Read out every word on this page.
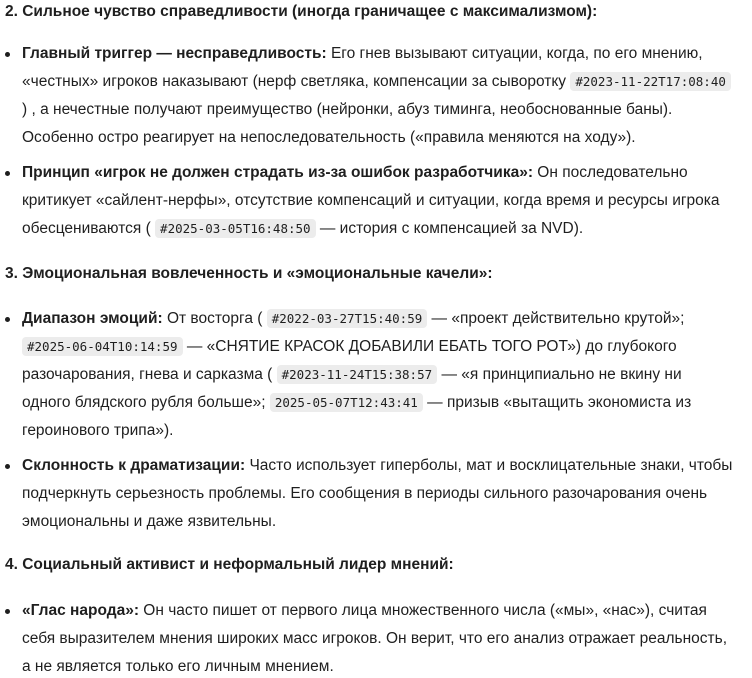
2. Сильное чувство справедливости (иногда граничащее с максимализмом):
Главный триггер — несправедливость: Его гнев вызывают ситуации, когда, по его мнению,
«честных» игроков наказывают (нерф светляка, компенсации за сыворотку #2023-11-22T17:08:40
) , а нечестные получают преимущество (нейронки, абуз тиминга, необоснованные баны).
Особенно остро реагирует на непоследовательность («правила меняются на ходу»).
Принцип «игрок не должен страдать из-за ошибок разработчика»: Он последовательно
критикует «сайлент-нерфы», отсутствие компенсаций и ситуации, когда время и ресурсы игрока
обесцениваются ( #2025-03-05T16:48:50 — история с компенсацией за NVD).
3. Эмоциональная вовлеченность и «эмоциональные качели»:
Диапазон эмоций: От восторга ( #2022-03-27T15:40:59 — «проект действительно крутой»;
#2025-06-04T10:14:59 — «СНЯТИЕ КРАСОК ДОБАВИЛИ ЕБАТЬ ТОГО РОТ») до глубокого
разочарования, гнева и сарказма ( #2023-11-24T15:38:57 — «я принципиально не вкину ни
одного блядского рубля больше»; 2025-05-07T12:43:41 — призыв «вытащить экономиста из
героинового трипа»).
Склонность к драматизации: Часто использует гиперболы, мат и восклицательные знаки, чтобы
подчеркнуть серьезность проблемы. Его сообщения в периоды сильного разочарования очень
эмоциональны и даже язвительны.
4. Социальный активист и неформальный лидер мнений:
«Глас народа»: Он часто пишет от первого лица множественного числа («мы», «нас»), считая
себя выразителем мнения широких масс игроков. Он верит, что его анализ отражает реальность,
а не является только его личным мнением.
